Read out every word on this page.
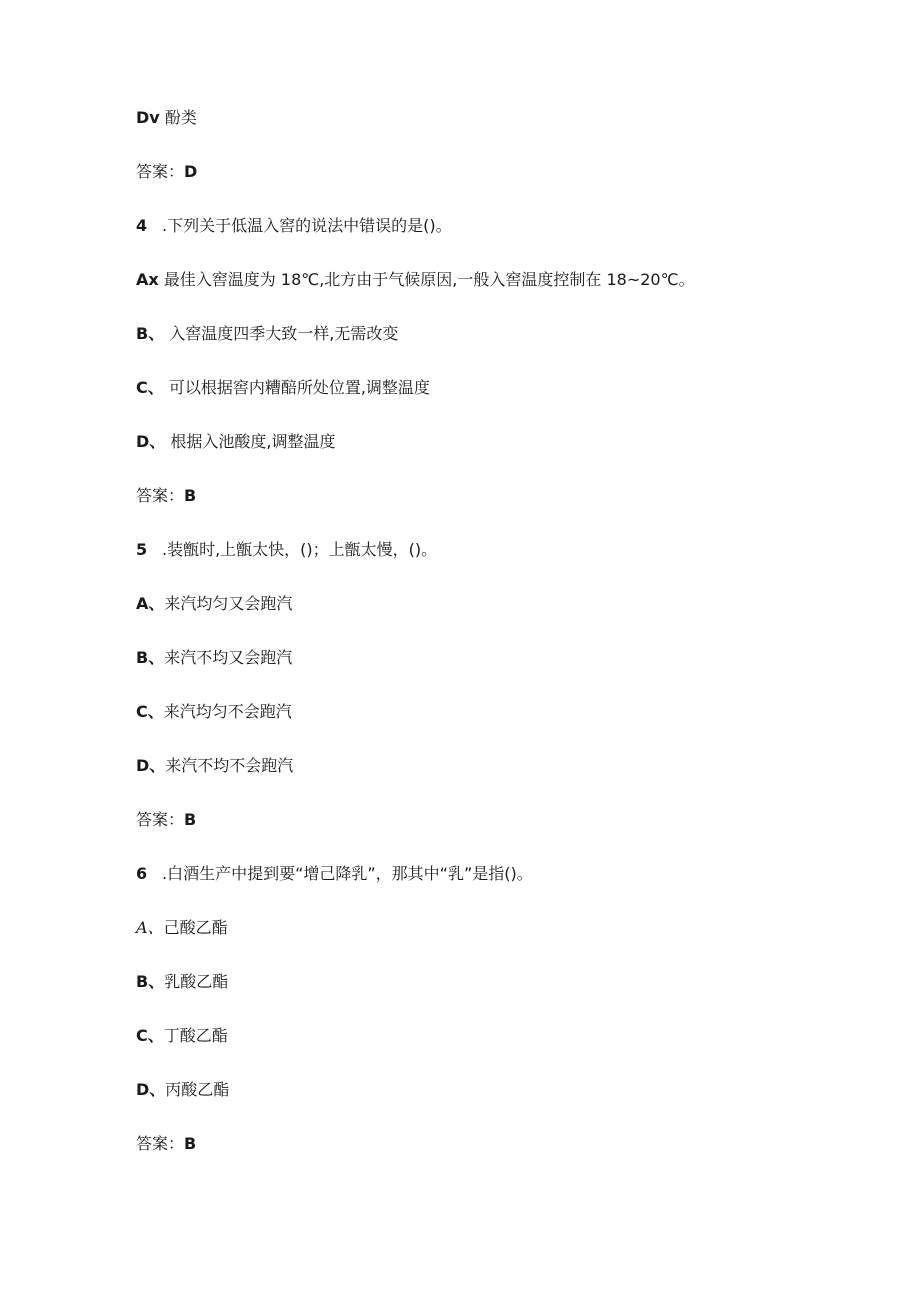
Dv 酚类
答案：D
4 .下列关于低温入窖的说法中错误的是()。
Ax 最佳入窖温度为 18℃,北方由于气候原因,一般入窖温度控制在 18~20℃。
B、 入窖温度四季大致一样,无需改变
C、 可以根据窖内糟醅所处位置,调整温度
D、 根据入池酸度,调整温度
答案：B
5 .装甑时,上甑太快，()；上甑太慢，()。
A、来汽均匀又会跑汽
B、来汽不均又会跑汽
C、来汽均匀不会跑汽
D、来汽不均不会跑汽
答案：B
6 .白酒生产中提到要“增己降乳”，那其中“乳”是指()。
A、己酸乙酯
B、乳酸乙酯
C、丁酸乙酯
D、丙酸乙酯
答案：B
